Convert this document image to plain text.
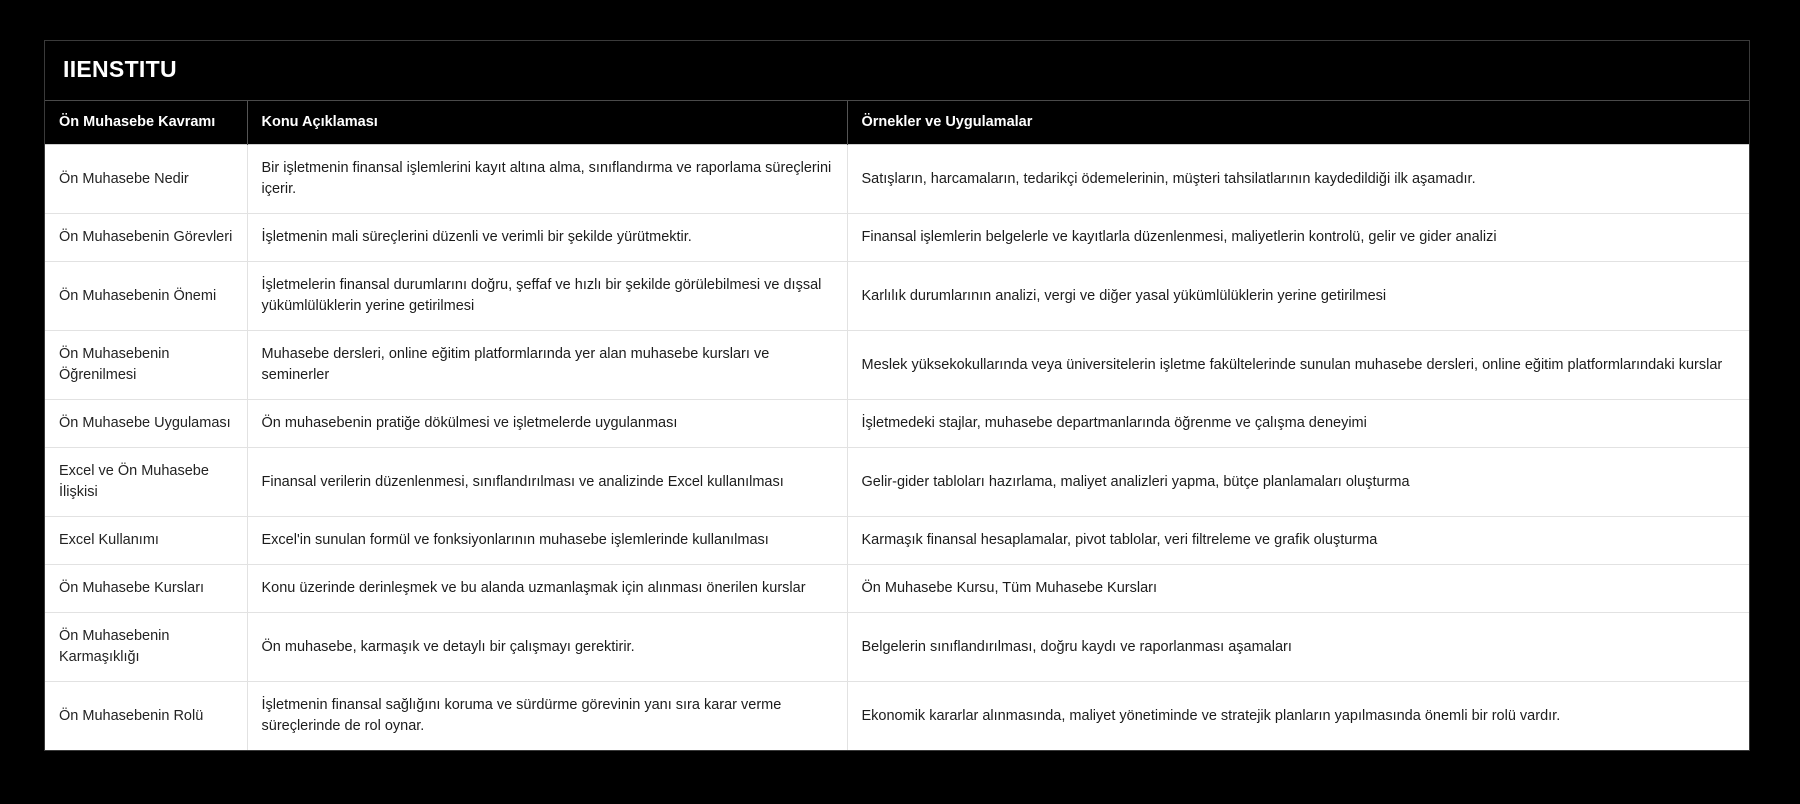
IIENSTITU
Ön Muhasebe Kavramı	Konu Açıklaması	Örnekler ve Uygulamalar
Ön Muhasebe Nedir	Bir işletmenin finansal işlemlerini kayıt altına alma, sınıflandırma ve raporlama süreçlerini içerir.	Satışların, harcamaların, tedarikçi ödemelerinin, müşteri tahsilatlarının kaydedildiği ilk aşamadır.
Ön Muhasebenin Görevleri	İşletmenin mali süreçlerini düzenli ve verimli bir şekilde yürütmektir.	Finansal işlemlerin belgelerle ve kayıtlarla düzenlenmesi, maliyetlerin kontrolü, gelir ve gider analizi
Ön Muhasebenin Önemi	İşletmelerin finansal durumlarını doğru, şeffaf ve hızlı bir şekilde görülebilmesi ve dışsal yükümlülüklerin yerine getirilmesi	Karlılık durumlarının analizi, vergi ve diğer yasal yükümlülüklerin yerine getirilmesi
Ön Muhasebenin Öğrenilmesi	Muhasebe dersleri, online eğitim platformlarında yer alan muhasebe kursları ve seminerler	Meslek yüksekokullarında veya üniversitelerin işletme fakültelerinde sunulan muhasebe dersleri, online eğitim platformlarındaki kurslar
Ön Muhasebe Uygulaması	Ön muhasebenin pratiğe dökülmesi ve işletmelerde uygulanması	İşletmedeki stajlar, muhasebe departmanlarında öğrenme ve çalışma deneyimi
Excel ve Ön Muhasebe İlişkisi	Finansal verilerin düzenlenmesi, sınıflandırılması ve analizinde Excel kullanılması	Gelir-gider tabloları hazırlama, maliyet analizleri yapma, bütçe planlamaları oluşturma
Excel Kullanımı	Excel'in sunulan formül ve fonksiyonlarının muhasebe işlemlerinde kullanılması	Karmaşık finansal hesaplamalar, pivot tablolar, veri filtreleme ve grafik oluşturma
Ön Muhasebe Kursları	Konu üzerinde derinleşmek ve bu alanda uzmanlaşmak için alınması önerilen kurslar	Ön Muhasebe Kursu, Tüm Muhasebe Kursları
Ön Muhasebenin Karmaşıklığı	Ön muhasebe, karmaşık ve detaylı bir çalışmayı gerektirir.	Belgelerin sınıflandırılması, doğru kaydı ve raporlanması aşamaları
Ön Muhasebenin Rolü	İşletmenin finansal sağlığını koruma ve sürdürme görevinin yanı sıra karar verme süreçlerinde de rol oynar.	Ekonomik kararlar alınmasında, maliyet yönetiminde ve stratejik planların yapılmasında önemli bir rolü vardır.
